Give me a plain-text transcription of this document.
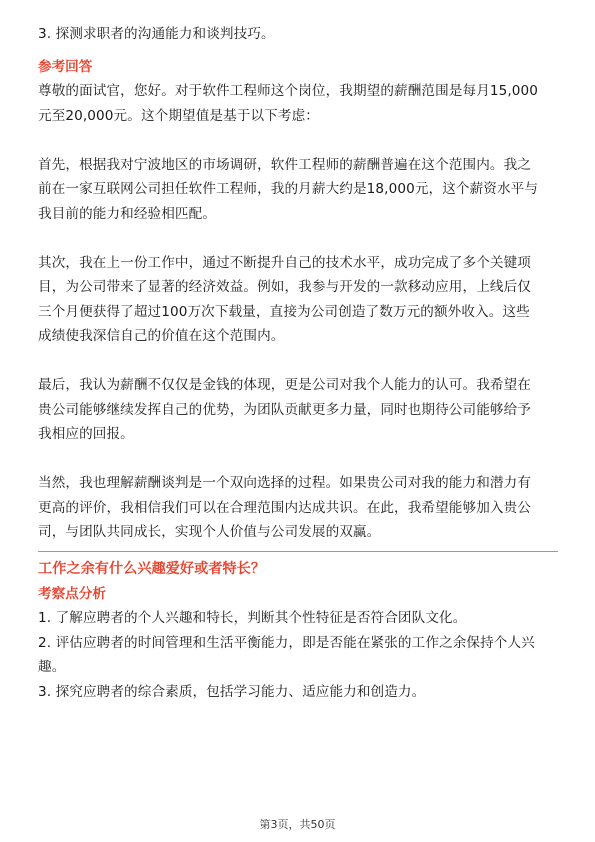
3. 探测求职者的沟通能力和谈判技巧。
参考回答
尊敬的面试官，您好。对于软件工程师这个岗位，我期望的薪酬范围是每月15,000
元至20,000元。这个期望值是基于以下考虑：
首先，根据我对宁波地区的市场调研，软件工程师的薪酬普遍在这个范围内。我之
前在一家互联网公司担任软件工程师，我的月薪大约是18,000元，这个薪资水平与
我目前的能力和经验相匹配。
其次，我在上一份工作中，通过不断提升自己的技术水平，成功完成了多个关键项
目，为公司带来了显著的经济效益。例如，我参与开发的一款移动应用，上线后仅
三个月便获得了超过100万次下载量，直接为公司创造了数万元的额外收入。这些
成绩使我深信自己的价值在这个范围内。
最后，我认为薪酬不仅仅是金钱的体现，更是公司对我个人能力的认可。我希望在
贵公司能够继续发挥自己的优势，为团队贡献更多力量，同时也期待公司能够给予
我相应的回报。
当然，我也理解薪酬谈判是一个双向选择的过程。如果贵公司对我的能力和潜力有
更高的评价，我相信我们可以在合理范围内达成共识。在此，我希望能够加入贵公
司，与团队共同成长，实现个人价值与公司发展的双赢。
工作之余有什么兴趣爱好或者特长？
考察点分析
1. 了解应聘者的个人兴趣和特长，判断其个性特征是否符合团队文化。
2. 评估应聘者的时间管理和生活平衡能力，即是否能在紧张的工作之余保持个人兴
趣。
3. 探究应聘者的综合素质，包括学习能力、适应能力和创造力。
第3页，共50页
